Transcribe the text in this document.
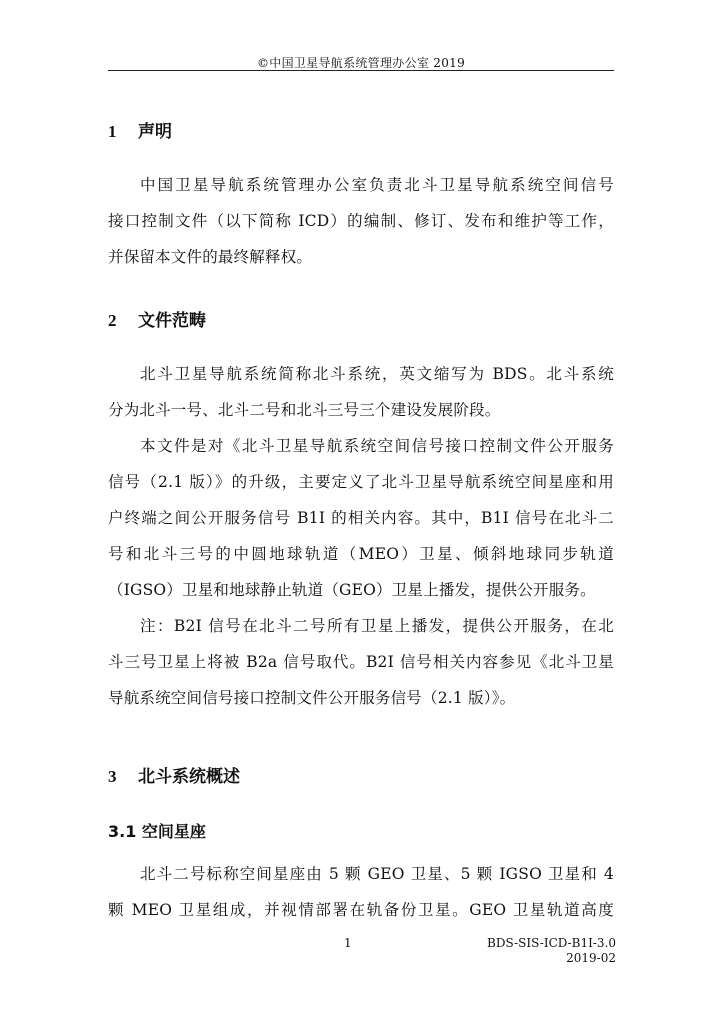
©中国卫星导航系统管理办公室 2019
1 声明
中国卫星导航系统管理办公室负责北斗卫星导航系统空间信号
接口控制文件（以下简称 ICD）的编制、修订、发布和维护等工作，
并保留本文件的最终解释权。
2 文件范畴
北斗卫星导航系统简称北斗系统，英文缩写为 BDS。北斗系统
分为北斗一号、北斗二号和北斗三号三个建设发展阶段。
本文件是对《北斗卫星导航系统空间信号接口控制文件公开服务
信号（2.1 版）》的升级，主要定义了北斗卫星导航系统空间星座和用
户终端之间公开服务信号 B1I 的相关内容。其中，B1I 信号在北斗二
号和北斗三号的中圆地球轨道（MEO）卫星、倾斜地球同步轨道
（IGSO）卫星和地球静止轨道（GEO）卫星上播发，提供公开服务。
注：B2I 信号在北斗二号所有卫星上播发，提供公开服务，在北
斗三号卫星上将被 B2a 信号取代。B2I 信号相关内容参见《北斗卫星
导航系统空间信号接口控制文件公开服务信号（2.1 版）》。
3 北斗系统概述
3.1 空间星座
北斗二号标称空间星座由 5 颗 GEO 卫星、5 颗 IGSO 卫星和 4
颗 MEO 卫星组成，并视情部署在轨备份卫星。GEO 卫星轨道高度
1	BDS-SIS-ICD-B1I-3.0
2019-02
